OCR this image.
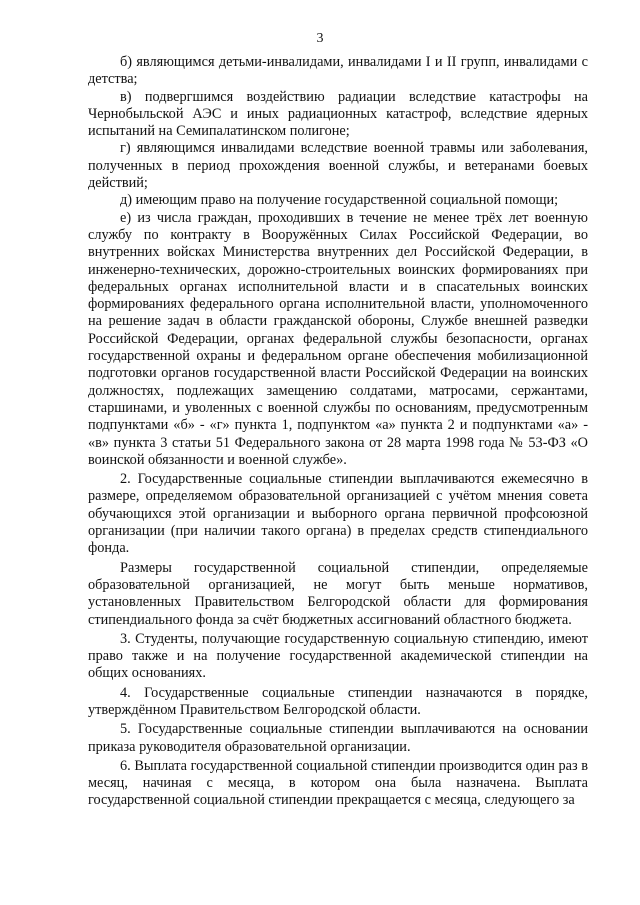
3

б) являющимся детьми-инвалидами, инвалидами I и II групп, инвалидами с детства;

в) подвергшимся воздействию радиации вследствие катастрофы на Чернобыльской АЭС и иных радиационных катастроф, вследствие ядерных испытаний на Семипалатинском полигоне;

г) являющимся инвалидами вследствие военной травмы или заболевания, полученных в период прохождения военной службы, и ветеранами боевых действий;

д) имеющим право на получение государственной социальной помощи;

е) из числа граждан, проходивших в течение не менее трёх лет военную службу по контракту в Вооружённых Силах Российской Федерации, во внутренних войсках Министерства внутренних дел Российской Федерации, в инженерно-технических, дорожно-строительных воинских формированиях при федеральных органах исполнительной власти и в спасательных воинских формированиях федерального органа исполнительной власти, уполномоченного на решение задач в области гражданской обороны, Службе внешней разведки Российской Федерации, органах федеральной службы безопасности, органах государственной охраны и федеральном органе обеспечения мобилизационной подготовки органов государственной власти Российской Федерации на воинских должностях, подлежащих замещению солдатами, матросами, сержантами, старшинами, и уволенных с военной службы по основаниям, предусмотренным подпунктами «б» - «г» пункта 1, подпунктом «а» пункта 2 и подпунктами «а» - «в» пункта 3 статьи 51 Федерального закона от 28 марта 1998 года № 53-ФЗ «О воинской обязанности и военной службе».

2. Государственные социальные стипендии выплачиваются ежемесячно в размере, определяемом образовательной организацией с учётом мнения совета обучающихся этой организации и выборного органа первичной профсоюзной организации (при наличии такого органа) в пределах средств стипендиального фонда.

Размеры государственной социальной стипендии, определяемые образовательной организацией, не могут быть меньше нормативов, установленных Правительством Белгородской области для формирования стипендиального фонда за счёт бюджетных ассигнований областного бюджета.

3. Студенты, получающие государственную социальную стипендию, имеют право также и на получение государственной академической стипендии на общих основаниях.

4. Государственные социальные стипендии назначаются в порядке, утверждённом Правительством Белгородской области.

5. Государственные социальные стипендии выплачиваются на основании приказа руководителя образовательной организации.

6. Выплата государственной социальной стипендии производится один раз в месяц, начиная с месяца, в котором она была назначена. Выплата государственной социальной стипендии прекращается с месяца, следующего за
